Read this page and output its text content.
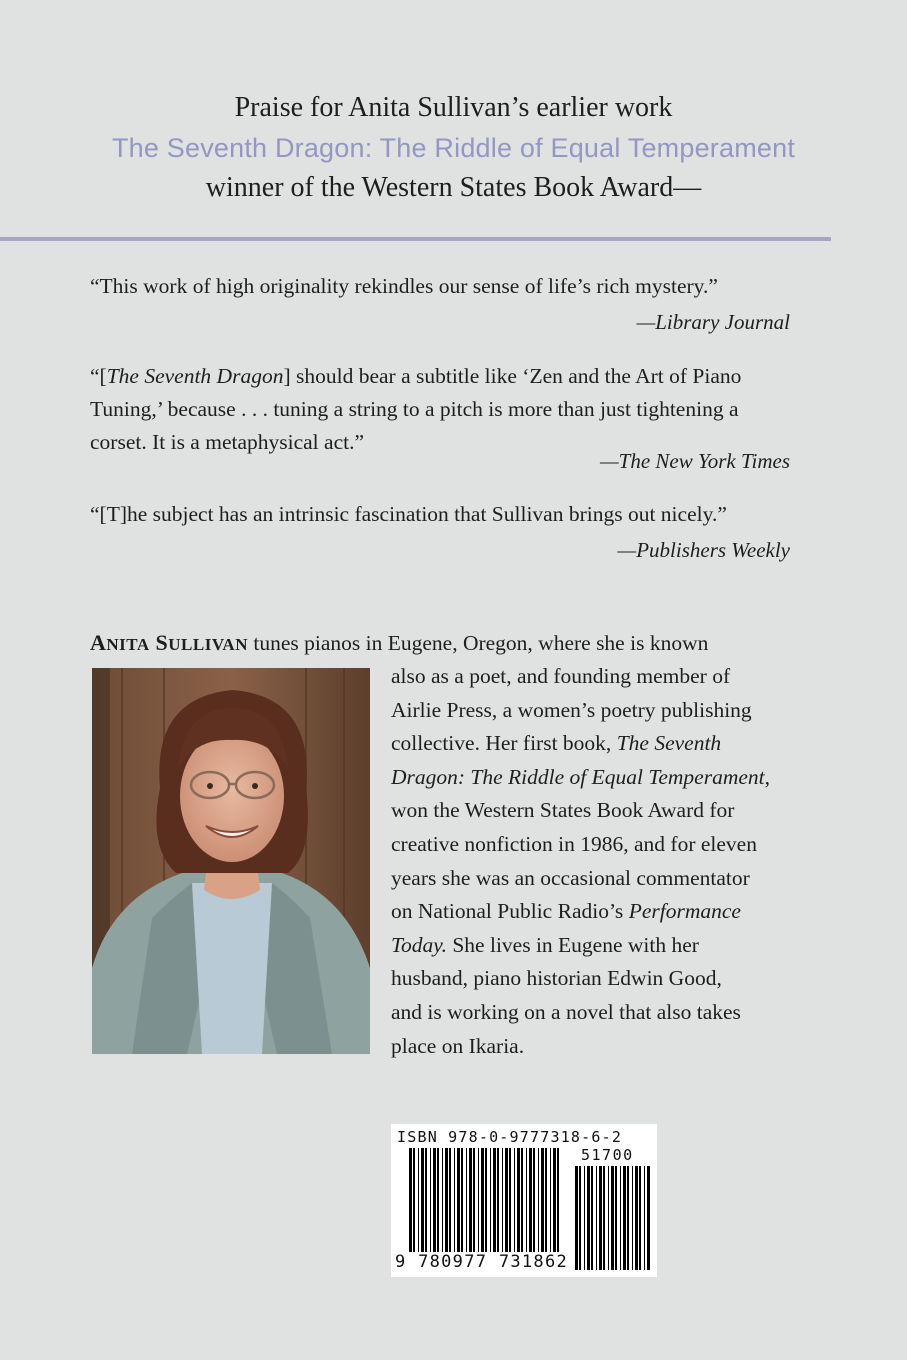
Praise for Anita Sullivan’s earlier work
The Seventh Dragon: The Riddle of Equal Temperament
winner of the Western States Book Award—

“This work of high originality rekindles our sense of life’s rich mystery.”

—Library Journal

“[The Seventh Dragon] should bear a subtitle like ‘Zen and the Art of Piano

Tuning,’ because . . . tuning a string to a pitch is more than just tightening a

corset. It is a metaphysical act.”

—The New York Times

“[T]he subject has an intrinsic fascination that Sullivan brings out nicely.”

—Publishers Weekly
ANITA SULLIVAN tunes pianos in Eugene, Oregon, where she is known
also as a poet, and founding member of
Airlie Press, a women’s poetry publishing
collective. Her first book, The Seventh
Dragon: The Riddle of Equal Temperament,
won the Western States Book Award for
creative nonfiction in 1986, and for eleven
years she was an occasional commentator
on National Public Radio’s Performance
Today. She lives in Eugene with her
husband, piano historian Edwin Good,
and is working on a novel that also takes
place on Ikaria.
ISBN 978-0-9777318-6-2
51700
9 780977 731862
